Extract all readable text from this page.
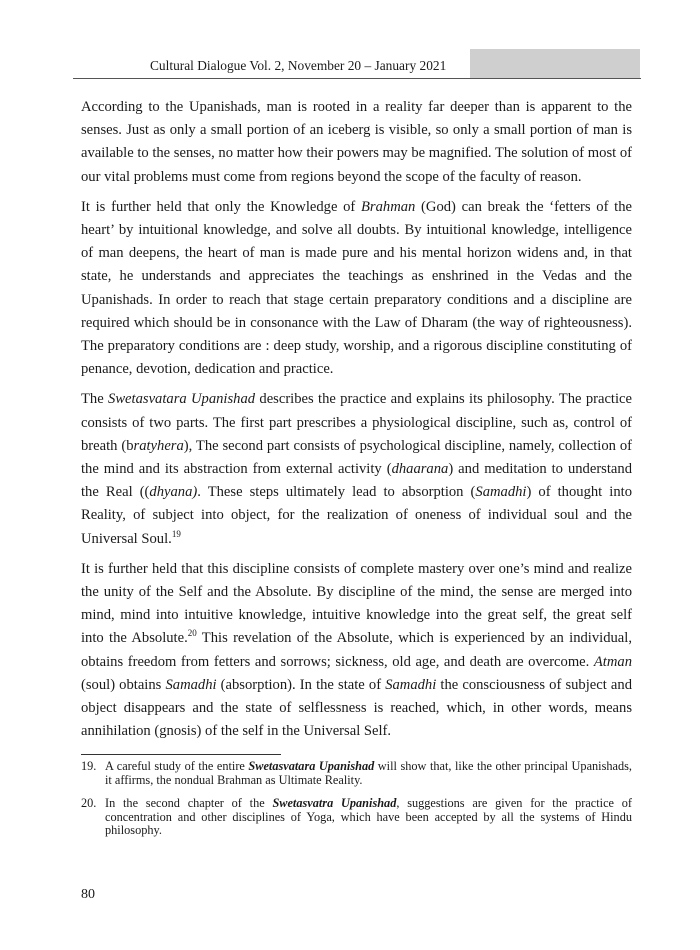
Cultural Dialogue Vol. 2, November 20 – January 2021

According to the Upanishads, man is rooted in a reality far deeper than is apparent to the senses. Just as only a small portion of an iceberg is visible, so only a small portion of man is available to the senses, no matter how their powers may be magnified. The solution of most of our vital problems must come from regions beyond the scope of the faculty of reason.

It is further held that only the Knowledge of Brahman (God) can break the ‘fetters of the heart’ by intuitional knowledge, and solve all doubts. By intuitional knowledge, intelligence of man deepens, the heart of man is made pure and his mental horizon widens and, in that state, he understands and appreciates the teachings as enshrined in the Vedas and the Upanishads. In order to reach that stage certain preparatory conditions and a discipline are required which should be in consonance with the Law of Dharam (the way of righteousness). The preparatory conditions are : deep study, worship, and a rigorous discipline constituting of penance, devotion, dedication and practice.

The Swetasvatara Upanishad describes the practice and explains its philosophy. The practice consists of two parts. The first part prescribes a physiological discipline, such as, control of breath (bratyhera), The second part consists of psychological discipline, namely, collection of the mind and its abstraction from external activity (dhaarana) and meditation to understand the Real ((dhyana). These steps ultimately lead to absorption (Samadhi) of thought into Reality, of subject into object, for the realization of oneness of individual soul and the Universal Soul.$^{19}$

It is further held that this discipline consists of complete mastery over one’s mind and realize the unity of the Self and the Absolute. By discipline of the mind, the sense are merged into mind, mind into intuitive knowledge, intuitive knowledge into the great self, the great self into the Absolute.$^{20}$ This revelation of the Absolute, which is experienced by an individual, obtains freedom from fetters and sorrows; sickness, old age, and death are overcome. Atman (soul) obtains Samadhi (absorption). In the state of Samadhi the consciousness of subject and object disappears and the state of selflessness is reached, which, in other words, means annihilation (gnosis) of the self in the Universal Self.

19. A careful study of the entire Swetasvatara Upanishad will show that, like the other principal Upanishads, it affirms, the nondual Brahman as Ultimate Reality.
20. In the second chapter of the Swetasvatra Upanishad, suggestions are given for the practice of concentration and other disciplines of Yoga, which have been accepted by all the systems of Hindu philosophy.
80
